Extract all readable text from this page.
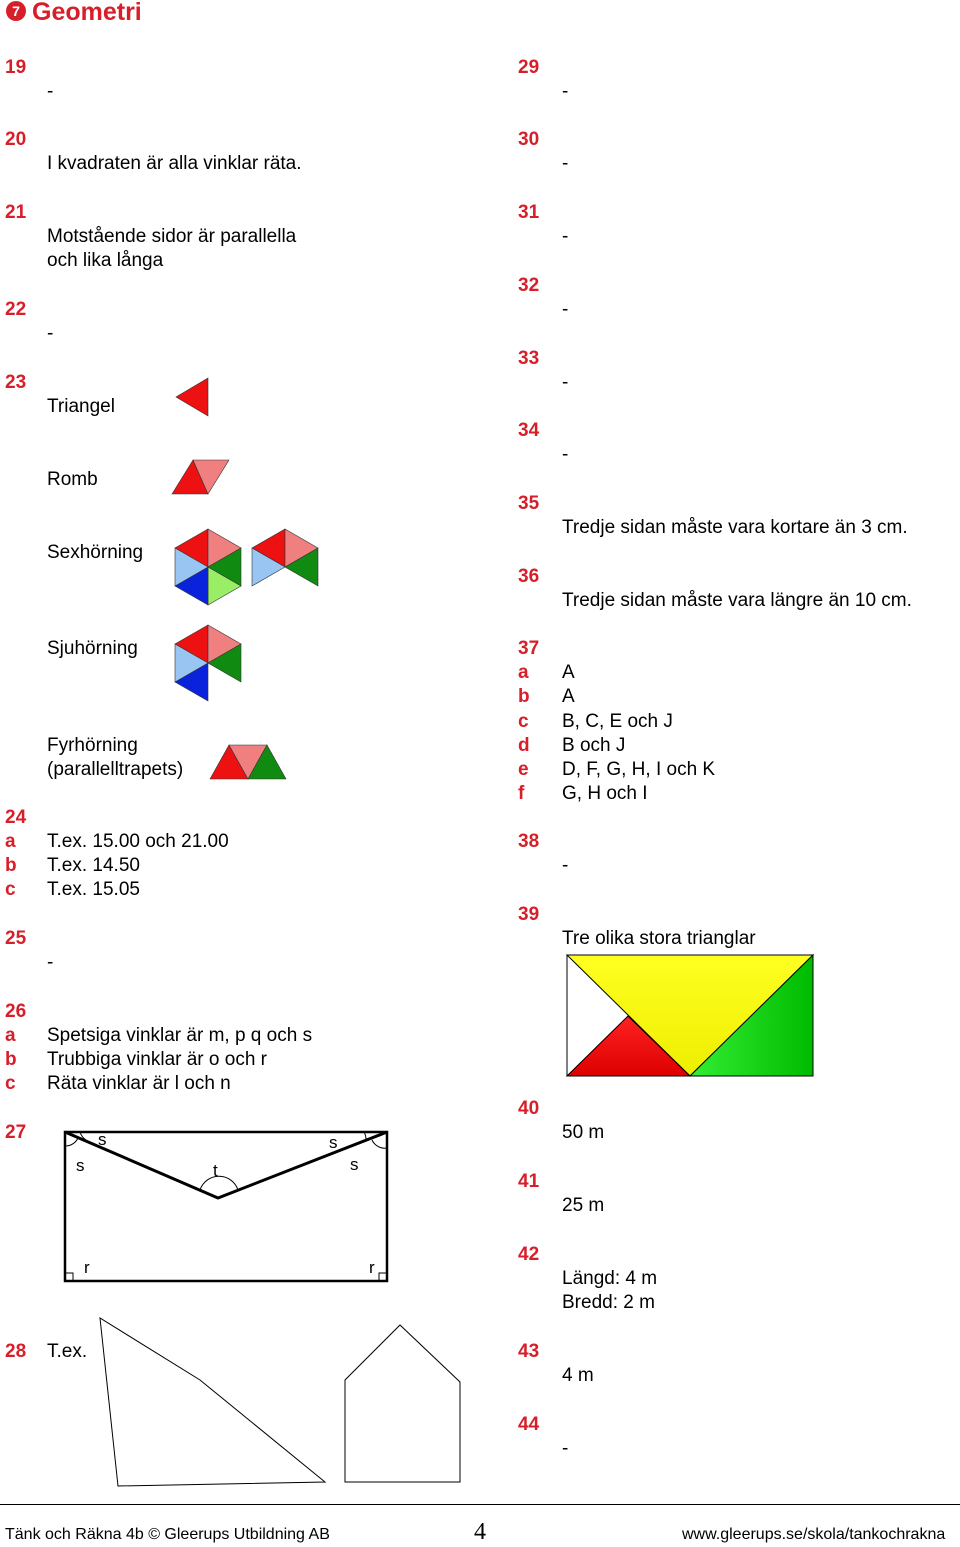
7 Geometri
19
-
20
I kvadraten är alla vinklar räta.
21
Motstående sidor är parallella
och lika långa
22
-
23
Triangel
Romb
Sexhörning
Sjuhörning
Fyrhörning
(parallelltrapets)
24
a T.ex. 15.00 och 21.00
b T.ex. 14.50
c T.ex. 15.05
25
-
26
a Spetsiga vinklar är m, p q och s
b Trubbiga vinklar är o och r
c Räta vinklar är l och n
27	s
s
s
s
t
r	r
28 T.ex.
29
-
30
-
31
-
32
-
33
-
34
-
35
Tredje sidan måste vara kortare än 3 cm.
36
Tredje sidan måste vara längre än 10 cm.
37
a A
b A
c B, C, E och J
d B och J
e D, F, G, H, I och K
f G, H och I
38
-
39
Tre olika stora trianglar
40
50 m
41
25 m
42
Längd: 4 m
Bredd: 2 m
43
4 m
44
-
Tänk och Räkna 4b © Gleerups Utbildning AB	4	www.gleerups.se/skola/tankochrakna
